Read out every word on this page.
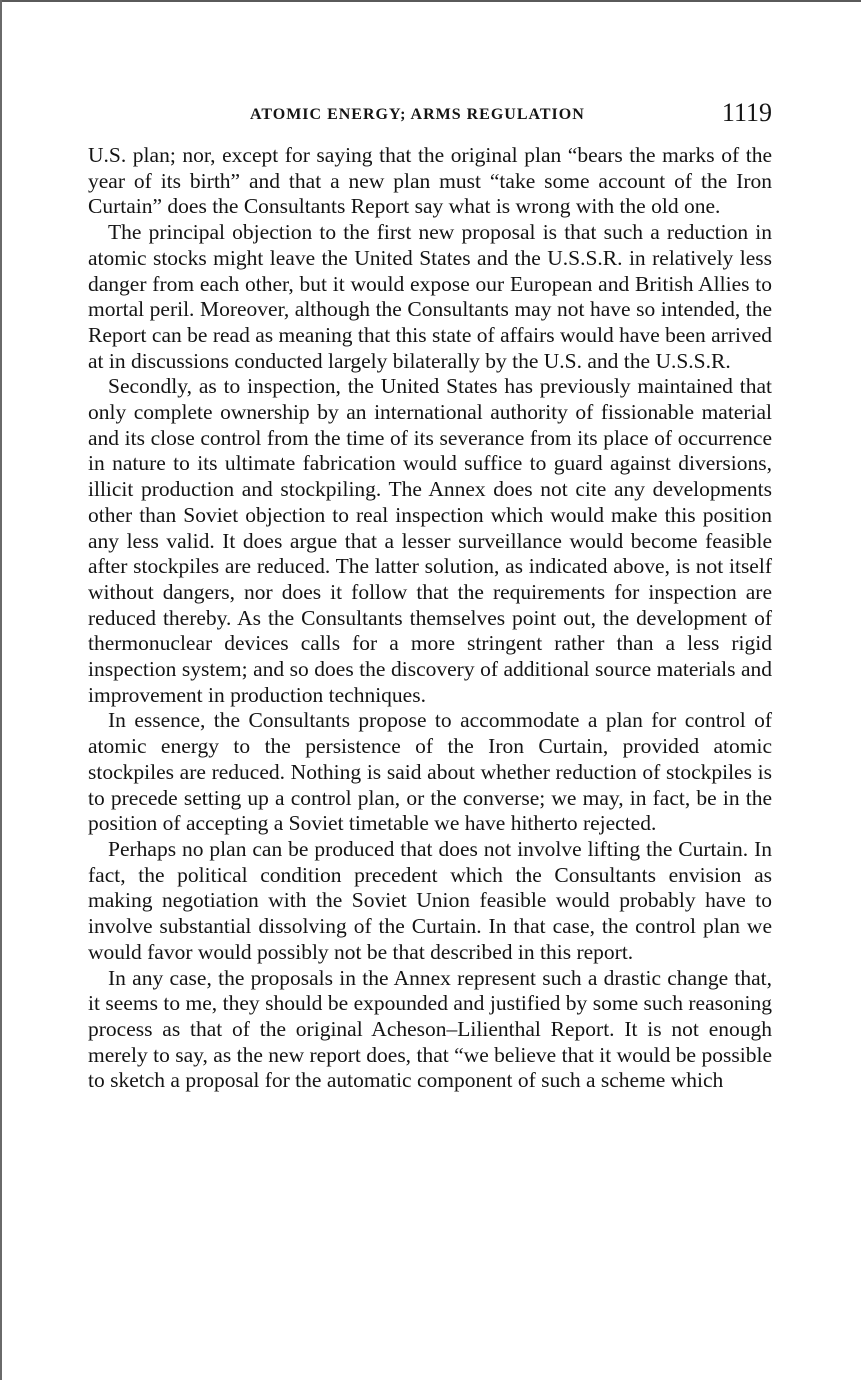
ATOMIC ENERGY; ARMS REGULATION	1119

U.S. plan; nor, except for saying that the original plan “bears the marks of the year of its birth” and that a new plan must “take some account of the Iron Curtain” does the Consultants Report say what is wrong with the old one.

The principal objection to the first new proposal is that such a reduction in atomic stocks might leave the United States and the U.S.S.R. in relatively less danger from each other, but it would expose our European and British Allies to mortal peril. Moreover, although the Consultants may not have so intended, the Report can be read as meaning that this state of affairs would have been arrived at in discussions conducted largely bilaterally by the U.S. and the U.S.S.R.

Secondly, as to inspection, the United States has previously maintained that only complete ownership by an international authority of fissionable material and its close control from the time of its severance from its place of occurrence in nature to its ultimate fabrication would suffice to guard against diversions, illicit production and stockpiling. The Annex does not cite any developments other than Soviet objection to real inspection which would make this position any less valid. It does argue that a lesser surveillance would become feasible after stockpiles are reduced. The latter solution, as indicated above, is not itself without dangers, nor does it follow that the requirements for inspection are reduced thereby. As the Consultants themselves point out, the development of thermonuclear devices calls for a more stringent rather than a less rigid inspection system; and so does the discovery of additional source materials and improvement in production techniques.

In essence, the Consultants propose to accommodate a plan for control of atomic energy to the persistence of the Iron Curtain, provided atomic stockpiles are reduced. Nothing is said about whether reduction of stockpiles is to precede setting up a control plan, or the converse; we may, in fact, be in the position of accepting a Soviet timetable we have hitherto rejected.

Perhaps no plan can be produced that does not involve lifting the Curtain. In fact, the political condition precedent which the Consultants envision as making negotiation with the Soviet Union feasible would probably have to involve substantial dissolving of the Curtain. In that case, the control plan we would favor would possibly not be that described in this report.

In any case, the proposals in the Annex represent such a drastic change that, it seems to me, they should be expounded and justified by some such reasoning process as that of the original Acheson–Lilienthal Report. It is not enough merely to say, as the new report does, that “we believe that it would be possible to sketch a proposal for the automatic component of such a scheme which
